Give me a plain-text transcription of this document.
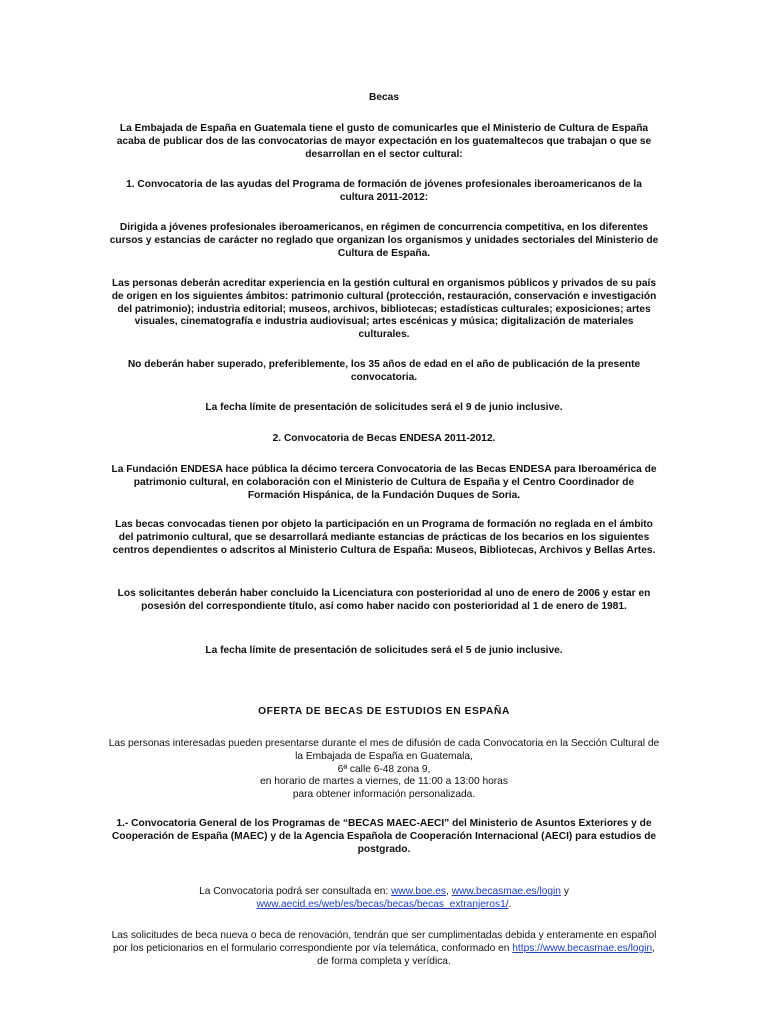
Becas

La Embajada de España en Guatemala tiene el gusto de comunicarles que el Ministerio de Cultura de España acaba de publicar dos de las convocatorias de mayor expectación en los guatemaltecos que trabajan o que se desarrollan en el sector cultural:

1. Convocatoria de las ayudas del Programa de formación de jóvenes profesionales iberoamericanos de la cultura 2011-2012:

Dirigida a jóvenes profesionales iberoamericanos, en régimen de concurrencia competitiva, en los diferentes cursos y estancias de carácter no reglado que organizan los organismos y unidades sectoriales del Ministerio de Cultura de España.

Las personas deberán acreditar experiencia en la gestión cultural en organismos públicos y privados de su país de origen en los siguientes ámbitos: patrimonio cultural (protección, restauración, conservación e investigación del patrimonio); industria editorial; museos, archivos, bibliotecas; estadísticas culturales; exposiciones; artes visuales, cinematografía e industria audiovisual; artes escénicas y música; digitalización de materiales culturales.

No deberán haber superado, preferiblemente, los 35 años de edad en el año de publicación de la presente convocatoria.

La fecha límite de presentación de solicitudes será el 9 de junio inclusive.

2. Convocatoria de Becas ENDESA 2011-2012.

La Fundación ENDESA hace pública la décimo tercera Convocatoria de las Becas ENDESA para Iberoamérica de patrimonio cultural, en colaboración con el Ministerio de Cultura de España y el Centro Coordinador de Formación Hispánica, de la Fundación Duques de Soria.

Las becas convocadas tienen por objeto la participación en un Programa de formación no reglada en el ámbito del patrimonio cultural, que se desarrollará mediante estancias de prácticas de los becarios en los siguientes centros dependientes o adscritos al Ministerio Cultura de España: Museos, Bibliotecas, Archivos y Bellas Artes.

Los solicitantes deberán haber concluido la Licenciatura con posterioridad al uno de enero de 2006 y estar en posesión del correspondiente título, así como haber nacido con posterioridad al 1 de enero de 1981.

La fecha límite de presentación de solicitudes será el 5 de junio inclusive.

OFERTA DE BECAS DE ESTUDIOS EN ESPAÑA

Las personas interesadas pueden presentarse durante el mes de difusión de cada Convocatoria en la Sección Cultural de la Embajada de España en Guatemala,
6ª calle 6-48 zona 9,
en horario de martes a viernes, de 11:00 a 13:00 horas
para obtener información personalizada.

1.- Convocatoria General de los Programas de “BECAS MAEC-AECI” del Ministerio de Asuntos Exteriores y de Cooperación de España (MAEC) y de la Agencia Española de Cooperación Internacional (AECI) para estudios de postgrado.

La Convocatoria podrá ser consultada en: www.boe.es, www.becasmae.es/login y
www.aecid.es/web/es/becas/becas/becas_extranjeros1/.

Las solicitudes de beca nueva o beca de renovación, tendrán que ser cumplimentadas debida y enteramente en español por los peticionarios en el formulario correspondiente por vía telemática, conformado en https://www.becasmae.es/login, de forma completa y verídica.
